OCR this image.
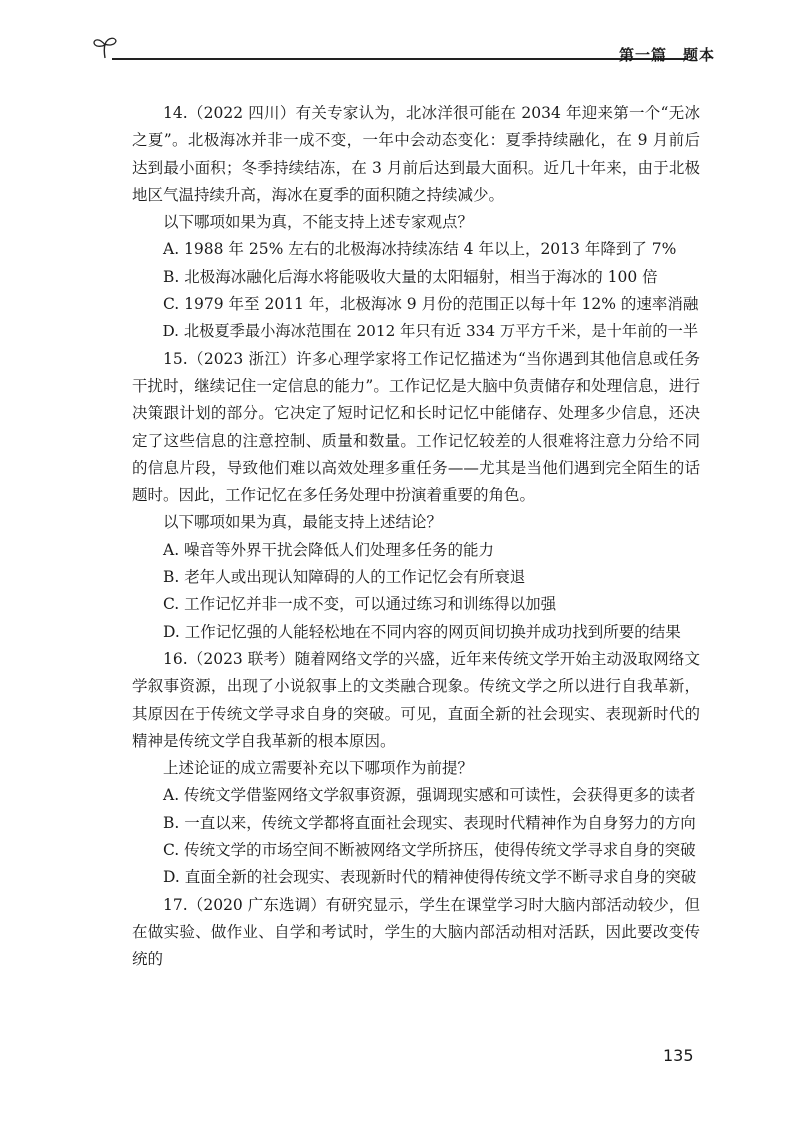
第一篇　题本

14.（2022 四川）有关专家认为，北冰洋很可能在 2034 年迎来第一个“无冰之夏”。北极海冰并非一成不变，一年中会动态变化：夏季持续融化，在 9 月前后达到最小面积；冬季持续结冻，在 3 月前后达到最大面积。近几十年来，由于北极地区气温持续升高，海冰在夏季的面积随之持续减少。

以下哪项如果为真，不能支持上述专家观点？

A. 1988 年 25% 左右的北极海冰持续冻结 4 年以上，2013 年降到了 7%

B. 北极海冰融化后海水将能吸收大量的太阳辐射，相当于海冰的 100 倍

C. 1979 年至 2011 年，北极海冰 9 月份的范围正以每十年 12% 的速率消融

D. 北极夏季最小海冰范围在 2012 年只有近 334 万平方千米，是十年前的一半

15.（2023 浙江）许多心理学家将工作记忆描述为“当你遇到其他信息或任务干扰时，继续记住一定信息的能力”。工作记忆是大脑中负责储存和处理信息，进行决策跟计划的部分。它决定了短时记忆和长时记忆中能储存、处理多少信息，还决定了这些信息的注意控制、质量和数量。工作记忆较差的人很难将注意力分给不同的信息片段，导致他们难以高效处理多重任务——尤其是当他们遇到完全陌生的话题时。因此，工作记忆在多任务处理中扮演着重要的角色。

以下哪项如果为真，最能支持上述结论？

A. 噪音等外界干扰会降低人们处理多任务的能力

B. 老年人或出现认知障碍的人的工作记忆会有所衰退

C. 工作记忆并非一成不变，可以通过练习和训练得以加强

D. 工作记忆强的人能轻松地在不同内容的网页间切换并成功找到所要的结果

16.（2023 联考）随着网络文学的兴盛，近年来传统文学开始主动汲取网络文学叙事资源，出现了小说叙事上的文类融合现象。传统文学之所以进行自我革新，其原因在于传统文学寻求自身的突破。可见，直面全新的社会现实、表现新时代的精神是传统文学自我革新的根本原因。

上述论证的成立需要补充以下哪项作为前提？

A. 传统文学借鉴网络文学叙事资源，强调现实感和可读性，会获得更多的读者

B. 一直以来，传统文学都将直面社会现实、表现时代精神作为自身努力的方向

C. 传统文学的市场空间不断被网络文学所挤压，使得传统文学寻求自身的突破

D. 直面全新的社会现实、表现新时代的精神使得传统文学不断寻求自身的突破

17.（2020 广东选调）有研究显示，学生在课堂学习时大脑内部活动较少，但在做实验、做作业、自学和考试时，学生的大脑内部活动相对活跃，因此要改变传统的

135
